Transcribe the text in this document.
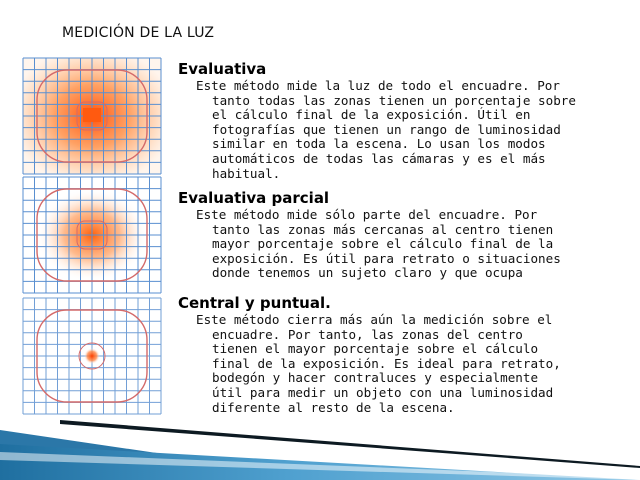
MEDICIÓN DE LA LUZ
Evaluativa

Este método mide la luz de todo el encuadre. Por
tanto todas las zonas tienen un porcentaje sobre
el cálculo final de la exposición. Útil en
fotografías que tienen un rango de luminosidad
similar en toda la escena. Lo usan los modos
automáticos de todas las cámaras y es el más
habitual.

Evaluativa parcial

Este método mide sólo parte del encuadre. Por
tanto las zonas más cercanas al centro tienen
mayor porcentaje sobre el cálculo final de la
exposición. Es útil para retrato o situaciones
donde tenemos un sujeto claro y que ocupa

Central y puntual.

Este método cierra más aún la medición sobre el
encuadre. Por tanto, las zonas del centro
tienen el mayor porcentaje sobre el cálculo
final de la exposición. Es ideal para retrato,
bodegón y hacer contraluces y especialmente
útil para medir un objeto con una luminosidad
diferente al resto de la escena.
